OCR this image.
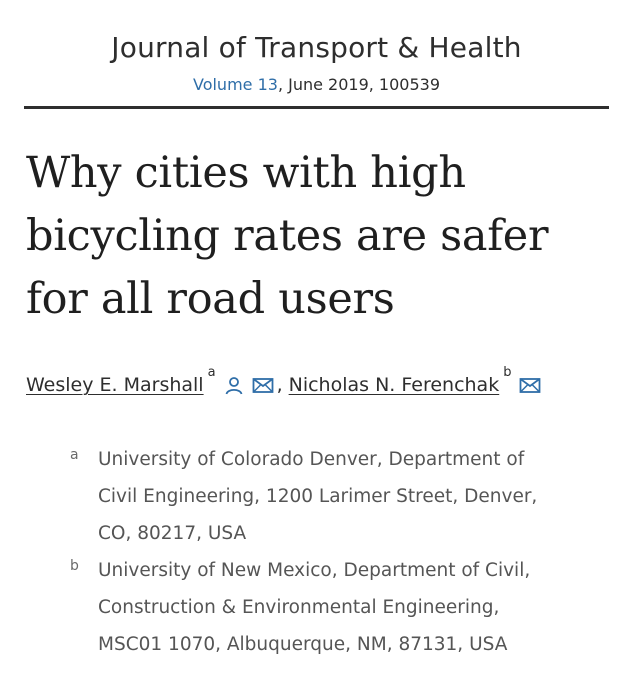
Journal of Transport & Health
Volume 13, June 2019, 100539
Why cities with high
bicycling rates are safer
for all road users
Wesley E. Marshall
a
, Nicholas N. Ferenchak
b
a University of Colorado Denver, Department of
Civil Engineering, 1200 Larimer Street, Denver,
CO, 80217, USA
b University of New Mexico, Department of Civil,
Construction & Environmental Engineering,
MSC01 1070, Albuquerque, NM, 87131, USA
